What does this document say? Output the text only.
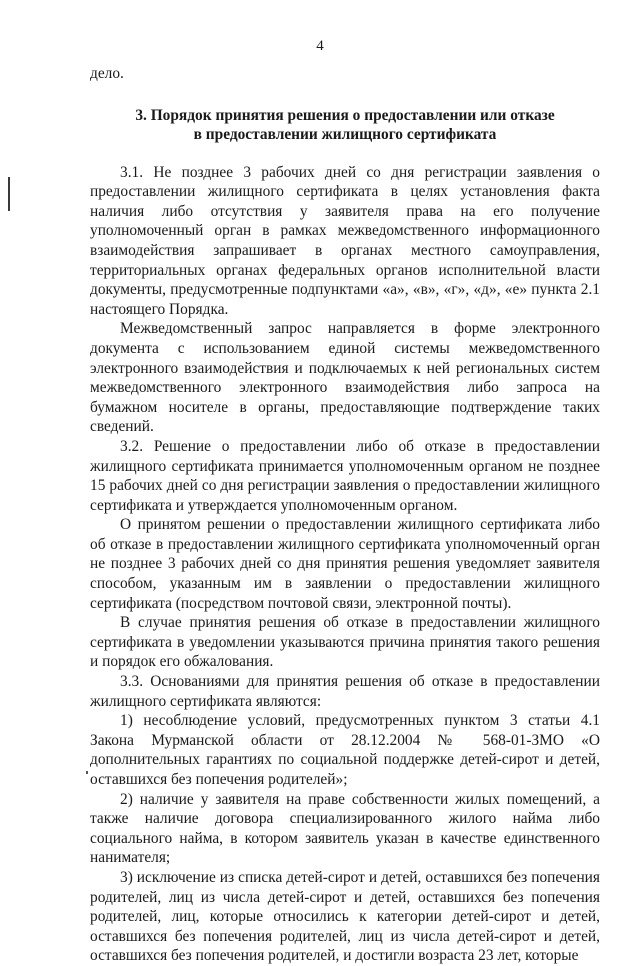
4

дело.

3. Порядок принятия решения о предоставлении или отказе
в предоставлении жилищного сертификата

3.1. Не позднее 3 рабочих дней со дня регистрации заявления о предоставлении жилищного сертификата в целях установления факта наличия либо отсутствия у заявителя права на его получение уполномоченный орган в рамках межведомственного информационного взаимодействия запрашивает в органах местного самоуправления, территориальных органах федеральных органов исполнительной власти документы, предусмотренные подпунктами «а», «в», «г», «д», «е» пункта 2.1 настоящего Порядка.

Межведомственный запрос направляется в форме электронного документа с использованием единой системы межведомственного электронного взаимодействия и подключаемых к ней региональных систем межведомственного электронного взаимодействия либо запроса на бумажном носителе в органы, предоставляющие подтверждение таких сведений.

3.2. Решение о предоставлении либо об отказе в предоставлении жилищного сертификата принимается уполномоченным органом не позднее 15 рабочих дней со дня регистрации заявления о предоставлении жилищного сертификата и утверждается уполномоченным органом.

О принятом решении о предоставлении жилищного сертификата либо об отказе в предоставлении жилищного сертификата уполномоченный орган не позднее 3 рабочих дней со дня принятия решения уведомляет заявителя способом, указанным им в заявлении о предоставлении жилищного сертификата (посредством почтовой связи, электронной почты).

В случае принятия решения об отказе в предоставлении жилищного сертификата в уведомлении указываются причина принятия такого решения и порядок его обжалования.

3.3. Основаниями для принятия решения об отказе в предоставлении жилищного сертификата являются:

1) несоблюдение условий, предусмотренных пунктом 3 статьи 4.1 Закона Мурманской области от 28.12.2004 № 568-01-ЗМО «О дополнительных гарантиях по социальной поддержке детей-сирот и детей, оставшихся без попечения родителей»;

2) наличие у заявителя на праве собственности жилых помещений, а также наличие договора специализированного жилого найма либо социального найма, в котором заявитель указан в качестве единственного нанимателя;

3) исключение из списка детей-сирот и детей, оставшихся без попечения родителей, лиц из числа детей-сирот и детей, оставшихся без попечения родителей, лиц, которые относились к категории детей-сирот и детей, оставшихся без попечения родителей, лиц из числа детей-сирот и детей, оставшихся без попечения родителей, и достигли возраста 23 лет, которые
